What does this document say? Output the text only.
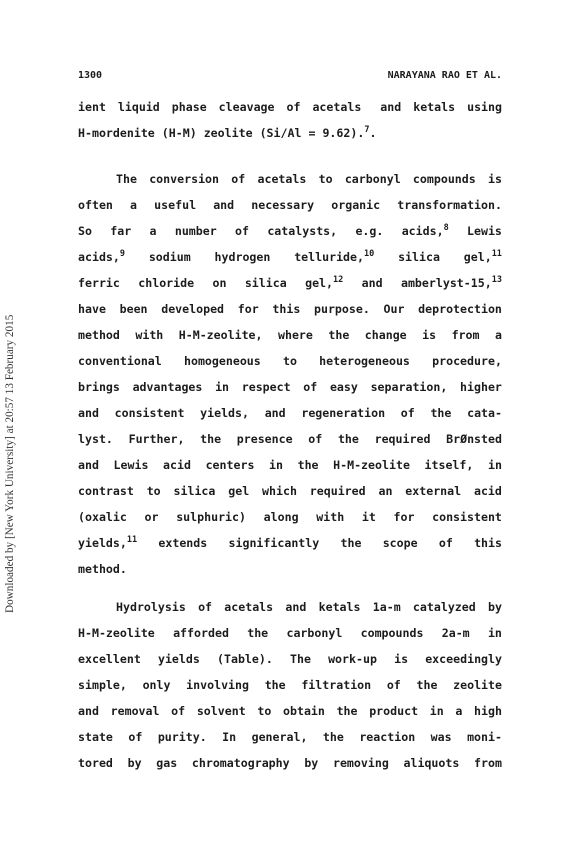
1300	NARAYANA RAO ET AL.
Downloaded by [New York University] at 20:57 13 February 2015
ient liquid phase cleavage of acetals and ketals using
H-mordenite (H-M) zeolite (Si/Al = 9.62).$^7$.
The conversion of acetals to carbonyl compounds is
often a useful and necessary organic transformation.
So far a number of catalysts, e.g. acids,$^8$ Lewis
acids,$^9$ sodium hydrogen telluride,$^{10}$ silica gel,$^{11}$
ferric chloride on silica gel,$^{12}$ and amberlyst-15,13
have been developed for this purpose. Our deprotection
method with H-M-zeolite, where the change is from a
conventional homogeneous to heterogeneous procedure,
brings advantages in respect of easy separation, higher
and consistent yields, and regeneration of the cata-
lyst. Further, the presence of the required BrØnsted
and Lewis acid centers in the H-M-zeolite itself, in
contrast to silica gel which required an external acid
(oxalic or sulphuric) along with it for consistent
yields,$^{11}$ extends significantly the scope of this
method.
Hydrolysis of acetals and ketals 1a-m catalyzed by
H-M-zeolite afforded the carbonyl compounds 2a-m in
excellent yields (Table). The work-up is exceedingly
simple, only involving the filtration of the zeolite
and removal of solvent to obtain the product in a high
state of purity. In general, the reaction was moni-
tored by gas chromatography by removing aliquots from
